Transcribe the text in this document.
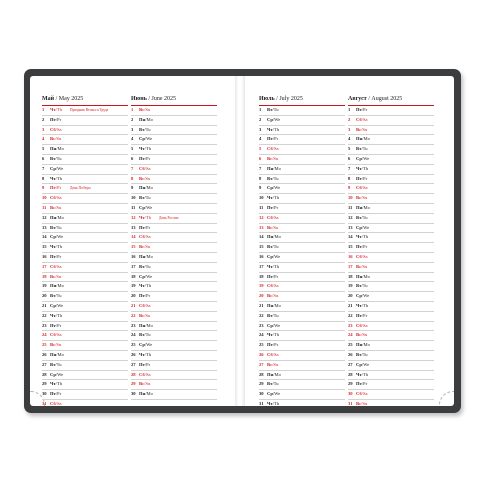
Май / May 2025
1 Чт/Th Праздник Весны и Труда
2 Пт/Fr
3 Сб/Sa
4 Вс/Su
5 Пн/Mo
6 Вт/Tu
7 Ср/We
8 Чт/Th
9 Пт/Fr День Победы
10 Сб/Sa
11 Вс/Su
12 Пн/Mo
13 Вт/Tu
14 Ср/We
15 Чт/Th
16 Пт/Fr
17 Сб/Sa
18 Вс/Su
19 Пн/Mo
20 Вт/Tu
21 Ср/We
22 Чт/Th
23 Пт/Fr
24 Сб/Sa
25 Вс/Su
26 Пн/Mo
27 Вт/Tu
28 Ср/We
29 Чт/Th
30 Пт/Fr
31 Сб/Sa
Июнь / June 2025
1 Вс/Su
2 Пн/Mo
3 Вт/Tu
4 Ср/We
5 Чт/Th
6 Пт/Fr
7 Сб/Sa
8 Вс/Su
9 Пн/Mo
10 Вт/Tu
11 Ср/We
12 Чт/Th День России
13 Пт/Fr
14 Сб/Sa
15 Вс/Su
16 Пн/Mo
17 Вт/Tu
18 Ср/We
19 Чт/Th
20 Пт/Fr
21 Сб/Sa
22 Вс/Su
23 Пн/Mo
24 Вт/Tu
25 Ср/We
26 Чт/Th
27 Пт/Fr
28 Сб/Sa
29 Вс/Su
30 Пн/Mo
Июль / July 2025
1 Вт/Tu
2 Ср/We
3 Чт/Th
4 Пт/Fr
5 Сб/Sa
6 Вс/Su
7 Пн/Mo
8 Вт/Tu
9 Ср/We
10 Чт/Th
11 Пт/Fr
12 Сб/Sa
13 Вс/Su
14 Пн/Mo
15 Вт/Tu
16 Ср/We
17 Чт/Th
18 Пт/Fr
19 Сб/Sa
20 Вс/Su
21 Пн/Mo
22 Вт/Tu
23 Ср/We
24 Чт/Th
25 Пт/Fr
26 Сб/Sa
27 Вс/Su
28 Пн/Mo
29 Вт/Tu
30 Ср/We
31 Чт/Th
Август / August 2025
1 Пт/Fr
2 Сб/Sa
3 Вс/Su
4 Пн/Mo
5 Вт/Tu
6 Ср/We
7 Чт/Th
8 Пт/Fr
9 Сб/Sa
10 Вс/Su
11 Пн/Mo
12 Вт/Tu
13 Ср/We
14 Чт/Th
15 Пт/Fr
16 Сб/Sa
17 Вс/Su
18 Пн/Mo
19 Вт/Tu
20 Ср/We
21 Чт/Th
22 Пт/Fr
23 Сб/Sa
24 Вс/Su
25 Пн/Mo
26 Вт/Tu
27 Ср/We
28 Чт/Th
29 Пт/Fr
30 Сб/Sa
31 Вс/Su
